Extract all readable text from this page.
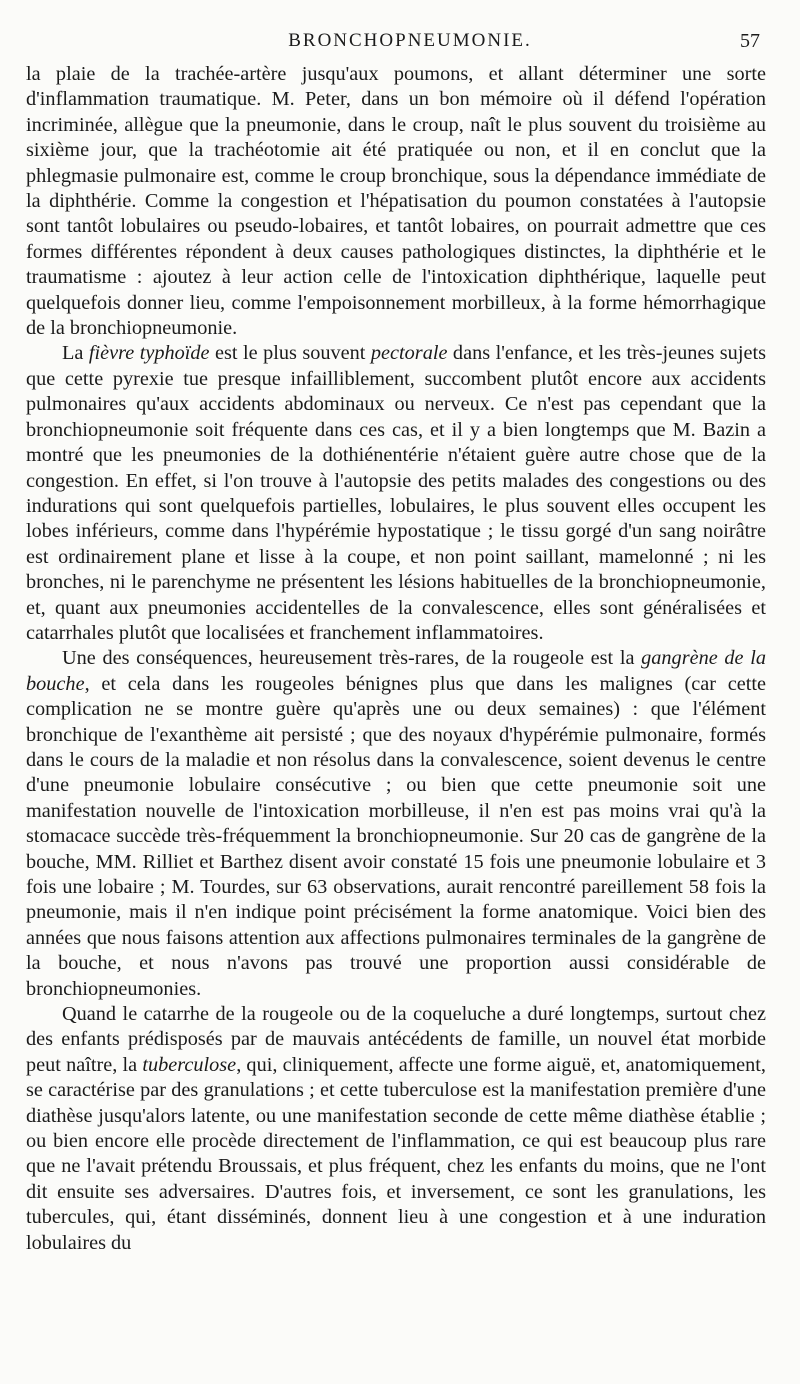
BRONCHOPNEUMONIE.	57

la plaie de la trachée-artère jusqu'aux poumons, et allant déterminer une sorte d'inflammation traumatique. M. Peter, dans un bon mémoire où il défend l'opération incriminée, allègue que la pneumonie, dans le croup, naît le plus souvent du troisième au sixième jour, que la trachéotomie ait été pratiquée ou non, et il en conclut que la phlegmasie pulmonaire est, comme le croup bronchique, sous la dépendance immédiate de la diphthérie. Comme la congestion et l'hépatisation du poumon constatées à l'autopsie sont tantôt lobulaires ou pseudo-lobaires, et tantôt lobaires, on pourrait admettre que ces formes différentes répondent à deux causes pathologiques distinctes, la diphthérie et le traumatisme : ajoutez à leur action celle de l'intoxication diphthérique, laquelle peut quelquefois donner lieu, comme l'empoisonnement morbilleux, à la forme hémorrhagique de la bronchiopneumonie.

La fièvre typhoïde est le plus souvent pectorale dans l'enfance, et les très-jeunes sujets que cette pyrexie tue presque infailliblement, succombent plutôt encore aux accidents pulmonaires qu'aux accidents abdominaux ou nerveux. Ce n'est pas cependant que la bronchiopneumonie soit fréquente dans ces cas, et il y a bien longtemps que M. Bazin a montré que les pneumonies de la dothiénentérie n'étaient guère autre chose que de la congestion. En effet, si l'on trouve à l'autopsie des petits malades des congestions ou des indurations qui sont quelquefois partielles, lobulaires, le plus souvent elles occupent les lobes inférieurs, comme dans l'hypérémie hypostatique ; le tissu gorgé d'un sang noirâtre est ordinairement plane et lisse à la coupe, et non point saillant, mamelonné ; ni les bronches, ni le parenchyme ne présentent les lésions habituelles de la bronchiopneumonie, et, quant aux pneumonies accidentelles de la convalescence, elles sont généralisées et catarrhales plutôt que localisées et franchement inflammatoires.

Une des conséquences, heureusement très-rares, de la rougeole est la gangrène de la bouche, et cela dans les rougeoles bénignes plus que dans les malignes (car cette complication ne se montre guère qu'après une ou deux semaines) : que l'élément bronchique de l'exanthème ait persisté ; que des noyaux d'hypérémie pulmonaire, formés dans le cours de la maladie et non résolus dans la convalescence, soient devenus le centre d'une pneumonie lobulaire consécutive ; ou bien que cette pneumonie soit une manifestation nouvelle de l'intoxication morbilleuse, il n'en est pas moins vrai qu'à la stomacace succède très-fréquemment la bronchiopneumonie. Sur 20 cas de gangrène de la bouche, MM. Rilliet et Barthez disent avoir constaté 15 fois une pneumonie lobulaire et 3 fois une lobaire ; M. Tourdes, sur 63 observations, aurait rencontré pareillement 58 fois la pneumonie, mais il n'en indique point précisément la forme anatomique. Voici bien des années que nous faisons attention aux affections pulmonaires terminales de la gangrène de la bouche, et nous n'avons pas trouvé une proportion aussi considérable de bronchiopneumonies.

Quand le catarrhe de la rougeole ou de la coqueluche a duré longtemps, surtout chez des enfants prédisposés par de mauvais antécédents de famille, un nouvel état morbide peut naître, la tuberculose, qui, cliniquement, affecte une forme aiguë, et, anatomiquement, se caractérise par des granulations ; et cette tuberculose est la manifestation première d'une diathèse jusqu'alors latente, ou une manifestation seconde de cette même diathèse établie ; ou bien encore elle procède directement de l'inflammation, ce qui est beaucoup plus rare que ne l'avait prétendu Broussais, et plus fréquent, chez les enfants du moins, que ne l'ont dit ensuite ses adversaires. D'autres fois, et inversement, ce sont les granulations, les tubercules, qui, étant disséminés, donnent lieu à une congestion et à une induration lobulaires du
